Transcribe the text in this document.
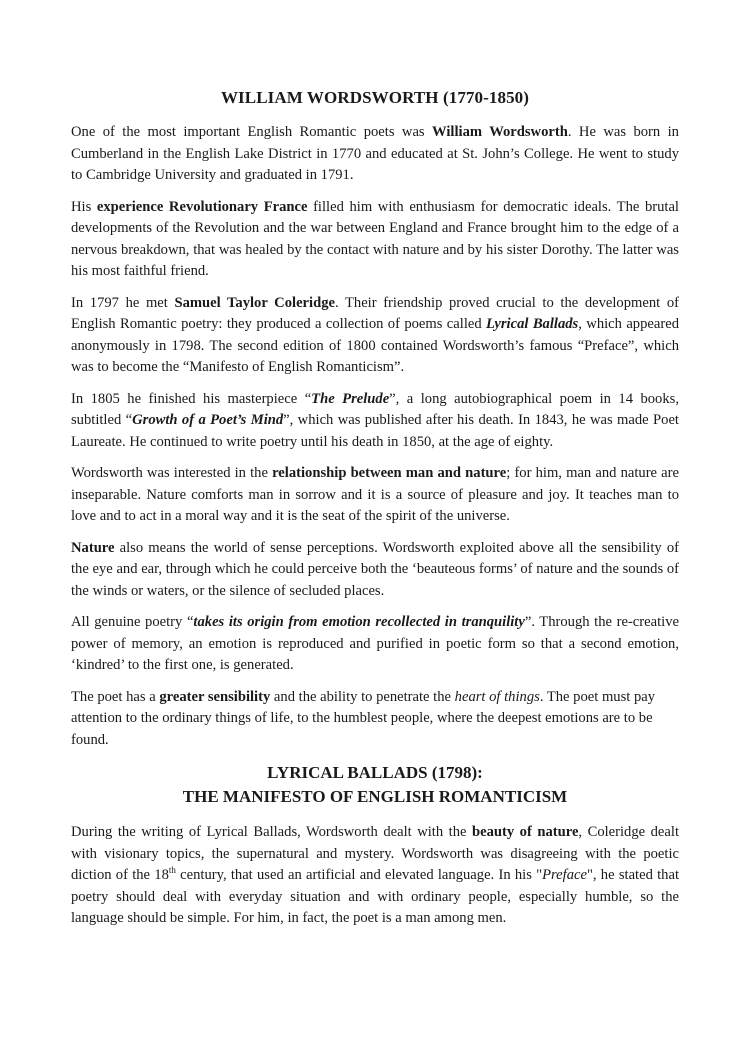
WILLIAM WORDSWORTH (1770-1850)

One of the most important English Romantic poets was William Wordsworth. He was born in Cumberland in the English Lake District in 1770 and educated at St. John’s College. He went to study to Cambridge University and graduated in 1791.

His experience Revolutionary France filled him with enthusiasm for democratic ideals. The brutal developments of the Revolution and the war between England and France brought him to the edge of a nervous breakdown, that was healed by the contact with nature and by his sister Dorothy. The latter was his most faithful friend.

In 1797 he met Samuel Taylor Coleridge. Their friendship proved crucial to the development of English Romantic poetry: they produced a collection of poems called Lyrical Ballads, which appeared anonymously in 1798. The second edition of 1800 contained Wordsworth’s famous “Preface”, which was to become the “Manifesto of English Romanticism”.

In 1805 he finished his masterpiece “The Prelude”, a long autobiographical poem in 14 books, subtitled “Growth of a Poet’s Mind”, which was published after his death. In 1843, he was made Poet Laureate. He continued to write poetry until his death in 1850, at the age of eighty.

Wordsworth was interested in the relationship between man and nature; for him, man and nature are inseparable. Nature comforts man in sorrow and it is a source of pleasure and joy. It teaches man to love and to act in a moral way and it is the seat of the spirit of the universe.

Nature also means the world of sense perceptions. Wordsworth exploited above all the sensibility of the eye and ear, through which he could perceive both the ‘beauteous forms’ of nature and the sounds of the winds or waters, or the silence of secluded places.

All genuine poetry “takes its origin from emotion recollected in tranquility”. Through the re-creative power of memory, an emotion is reproduced and purified in poetic form so that a second emotion, ‘kindred’ to the first one, is generated.

The poet has a greater sensibility and the ability to penetrate the heart of things. The poet must pay attention to the ordinary things of life, to the humblest people, where the deepest emotions are to be found.

LYRICAL BALLADS (1798):
THE MANIFESTO OF ENGLISH ROMANTICISM

During the writing of Lyrical Ballads, Wordsworth dealt with the beauty of nature, Coleridge dealt with visionary topics, the supernatural and mystery. Wordsworth was disagreeing with the poetic diction of the 18th century, that used an artificial and elevated language. In his "Preface", he stated that poetry should deal with everyday situation and with ordinary people, especially humble, so the language should be simple. For him, in fact, the poet is a man among men.
